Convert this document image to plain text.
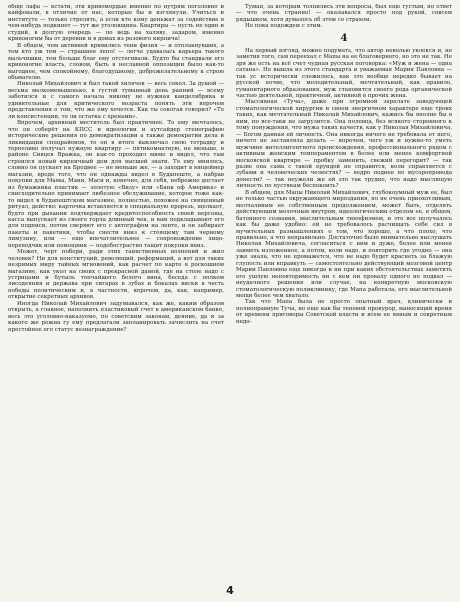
обще лафа — кстати, эти кривомордые именно по нутрям поголовно и кайфовали, в отличие от нас, которые бы и взглянули. Учиться и институте — только стрелять, а если кто кому деньжат за содействие в чем-нибудь подкинет — тут же уголовщина. Квартиры — пусть не один и студий, в долгую очередь — по ведь на халяву, задаром, именно кривоногим бы от деревни и в домах из розового кирпича!

В общем, чем активней кривились тени физия — и отплакнувших, а тем кто уж тем — страшнее лепо! — легче удавалась карьера такого мальчишки, тем больше благ ему отстегивали. Будто бы стандвали его кривоногие власть, словом, быть в неславной оппозиции было как-то выгоднее, чем спокойному, благодушному, доброжелательному к строю обывателю.

Николай Михайлович и был такой хилячок — весь сокол. За душой — весьма мелкоменьшенько, в густой туманный день ранний — всему заботился и с самого начала никому не нужная канделябрика и удивительные для критического возраста понять эти впрочем представления о том, что же ему хочется. Как ты сокогая говорил? «То ли консистенции, то ли остатка с хренами».

Впрочем, архивный меститель был практичнее. То ему мечталось, что он соберёт на КПСС и идеологии и аутсайдер стенографию исторические решения по демократизации а также демократии дела и ликвидации спецрайонов, то он в итоге выключал свою тетрадку и терпеливо получал нужную квартиру — пятикомнатную, не меньше, в районе Сивцев Вражка, он как-то проходил мимо и видел, что там строился новый кирпичный дом для высшей знати. То ему мнилось, словно он пускает на Бродвее — не меньше же, — а заходит в юнцеймер магазин, вроде того, что он однажды видел в Будапеште, а набрав покупки для Мамы, Мани, Маси и, конечно, для себя, небрежно достает из бумажника пластик — золотую «Визу» или «Банк оф Америка» и снисходительно принимает любезное обслуживание, которое тоже как-то видел в будапештском магазине, полностью, похожее на священный ритуал, действо: карточка вставляется в специальную прорезь, щелкает, будто при дыхании подтверждает кредитоспособность своей персоны, касса выпускает из своего горла длинный чек, и вам подкладывают его для подписи, потом сверяют его с автографом на ленте, и он забирает пакеты и пакетики, чтобы снести вниз к стоящему там черному лимузину, или — еще впечатлительнее — сопровождение лицо-переводчик или помощник — подобострастно тащит покупки вниз.

Может, черт побери, ради этих таинственных волнений и жил человек? Ни для конституций, революций, реформаций, а вот для таких незримых миру тайных мгновений, как расчет по карте в роскошном магазине, как укол на своих с прекрасной дамой, где на столе надо с устрицами и бутыль топчайшего белого вина, беседа с полком лисодеяния и держава при сигарах в зубах и бокалах виски в честь победы политическим и, в частности, впрочем, да, как, например, открытие секретных архивов.

Иногда Николай Михайлович задумывался, как же, каким образом открыть, а главное, наполнить пластиковый счет в американском банке, весь это уголовно-наказуемо, по советским законам, деяние, да и за какого же рожна гу ему предлагали запланировать зачислить на счет престойное его статус вознаграждение?

Туман, за которым толпились эти вопросы, был еще густым, но ответ — что очень странно! — оказывался просто под рукой, совсем рядышком, хотя думалось об этом со страхом.

Но пока подождем с этим.

4

На первый взгляд, можно подумать, что автор неволью увлекся и, не заметив того, сам переехал с Мапы на ее благоверного, но это не так. Не зря же есть на всё счет чудная русская поговорка: «Муж и жена — одна сатана». Не вышла из этого стандарта и уважаемая Мария Павловна — так ус исторически сложилось, как это вообще нередко бывает на русской почве, что молодительный, мечтательный, как правило, гуманитарного образования, муж становится своего рода органической частью деятельной, практичной, активной в прочих жена.

Массивная «Туча», даже при огромной зарплате заведующей стоматологической хирургии и своем энергичном характере еще троих таких, как мечтательный Николай Михайлович, кажись бы вполне бы в ним, но все-таки не загрузится. Она половца, без всякого сторонного к тому понуждения, что мужа таких качеств, как у Николая Михайловича, — Богом данная ей личность. Она никогда ничего не требовала от него, ничего не заставляла делать — впрочем, чего уж и нужно-то уметь мужчине интеллигентного происхождения, профессионального рядом с активным женским темпераментом в более или менее комфортной московской квартире — пробку заменить, свежий перегорит? — так разве она сама с такой ерундой не справится, коли справляется с зубами и человеческих челюстях? — ведро поднее по мусоропровода донести? — так неужели же ей это так трудно, что надо мыслящую личность по пустякам беспокоить?

В общем, для Мапы Николай Михайлович, глубокоумный муж ее, был не только частью окружающего мироздания, но не очень приохотливым, молчаливым ее собственным продолжением, может быть, отделять действующим молочным внутром, идеологическим отделом ее, в общем, батонного созвания, мыслительным тинофизмом, и это все получалось как бы даже удобно: ей не требовалось расчищать себе сил в мучительных размышлениях о том, что хорошо, а что плохо, что правильно, а что неправильно. Достаточно было внимательно выслушать Николая Михайловича, согласиться с ним и дуже, более или менее заиметь изложенное, а потом, коли надо, и повторить где угодно — она уже знала, что не промажется, что не надо будет краснеть за блажую глупость или вправкуть — самостоятельно действующий мозговой центр Марии Павловны еще никогда и ни при каких обстоятельствах заметить его ушлую неповторимость ни с кем ни провалу одного не подвал — неудачного решения или случае, на конкретную московскую стоматологическую поликлинику, где Мапа работала, его мыслительной мощи более чем хватало.

Так что Мапа была не просто опытный врач, клинически и полноправную Туча, но еще как бы теневой прокурор, выносящий время от времени приговоры Советской власти и всем ее явным и секретным недо-

4
